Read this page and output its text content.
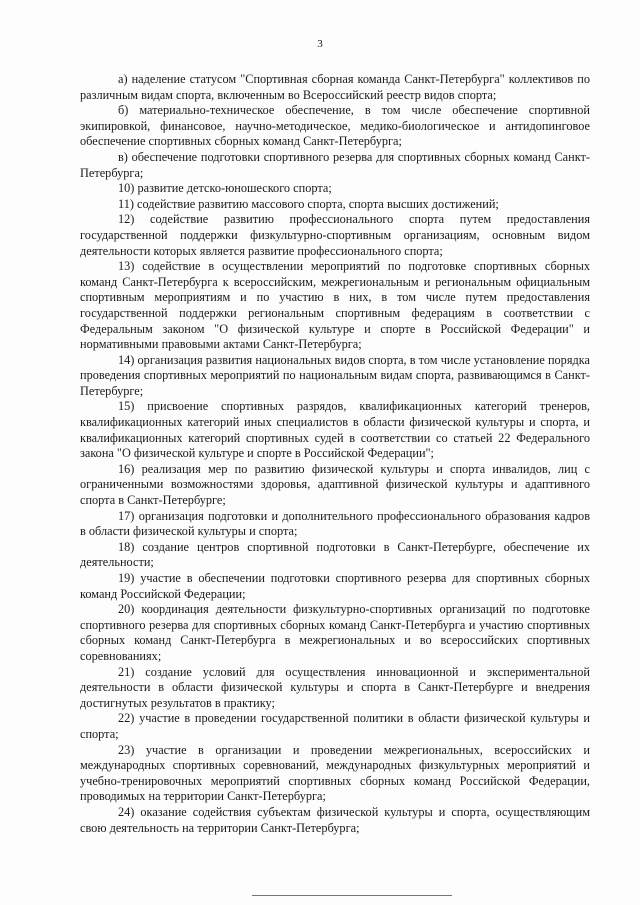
3

а) наделение статусом "Спортивная сборная команда Санкт-Петербурга" коллективов по различным видам спорта, включенным во Всероссийский реестр видов спорта;

б) материально-техническое обеспечение, в том числе обеспечение спортивной экипировкой, финансовое, научно-методическое, медико-биологическое и антидопинговое обеспечение спортивных сборных команд Санкт-Петербурга;

в) обеспечение подготовки спортивного резерва для спортивных сборных команд Санкт-Петербурга;

10) развитие детско-юношеского спорта;

11) содействие развитию массового спорта, спорта высших достижений;

12) содействие развитию профессионального спорта путем предоставления государственной поддержки физкультурно-спортивным организациям, основным видом деятельности которых является развитие профессионального спорта;

13) содействие в осуществлении мероприятий по подготовке спортивных сборных команд Санкт-Петербурга к всероссийским, межрегиональным и региональным официальным спортивным мероприятиям и по участию в них, в том числе путем предоставления государственной поддержки региональным спортивным федерациям в соответствии с Федеральным законом "О физической культуре и спорте в Российской Федерации" и нормативными правовыми актами Санкт-Петербурга;

14) организация развития национальных видов спорта, в том числе установление порядка проведения спортивных мероприятий по национальным видам спорта, развивающимся в Санкт-Петербурге;

15) присвоение спортивных разрядов, квалификационных категорий тренеров, квалификационных категорий иных специалистов в области физической культуры и спорта, и квалификационных категорий спортивных судей в соответствии со статьей 22 Федерального закона "О физической культуре и спорте в Российской Федерации";

16) реализация мер по развитию физической культуры и спорта инвалидов, лиц с ограниченными возможностями здоровья, адаптивной физической культуры и адаптивного спорта в Санкт-Петербурге;

17) организация подготовки и дополнительного профессионального образования кадров в области физической культуры и спорта;

18) создание центров спортивной подготовки в Санкт-Петербурге, обеспечение их деятельности;

19) участие в обеспечении подготовки спортивного резерва для спортивных сборных команд Российской Федерации;

20) координация деятельности физкультурно-спортивных организаций по подготовке спортивного резерва для спортивных сборных команд Санкт-Петербурга и участию спортивных сборных команд Санкт-Петербурга в межрегиональных и во всероссийских спортивных соревнованиях;

21) создание условий для осуществления инновационной и экспериментальной деятельности в области физической культуры и спорта в Санкт-Петербурге и внедрения достигнутых результатов в практику;

22) участие в проведении государственной политики в области физической культуры и спорта;

23) участие в организации и проведении межрегиональных, всероссийских и международных спортивных соревнований, международных физкультурных мероприятий и учебно-тренировочных мероприятий спортивных сборных команд Российской Федерации, проводимых на территории Санкт-Петербурга;

24) оказание содействия субъектам физической культуры и спорта, осуществляющим свою деятельность на территории Санкт-Петербурга;
